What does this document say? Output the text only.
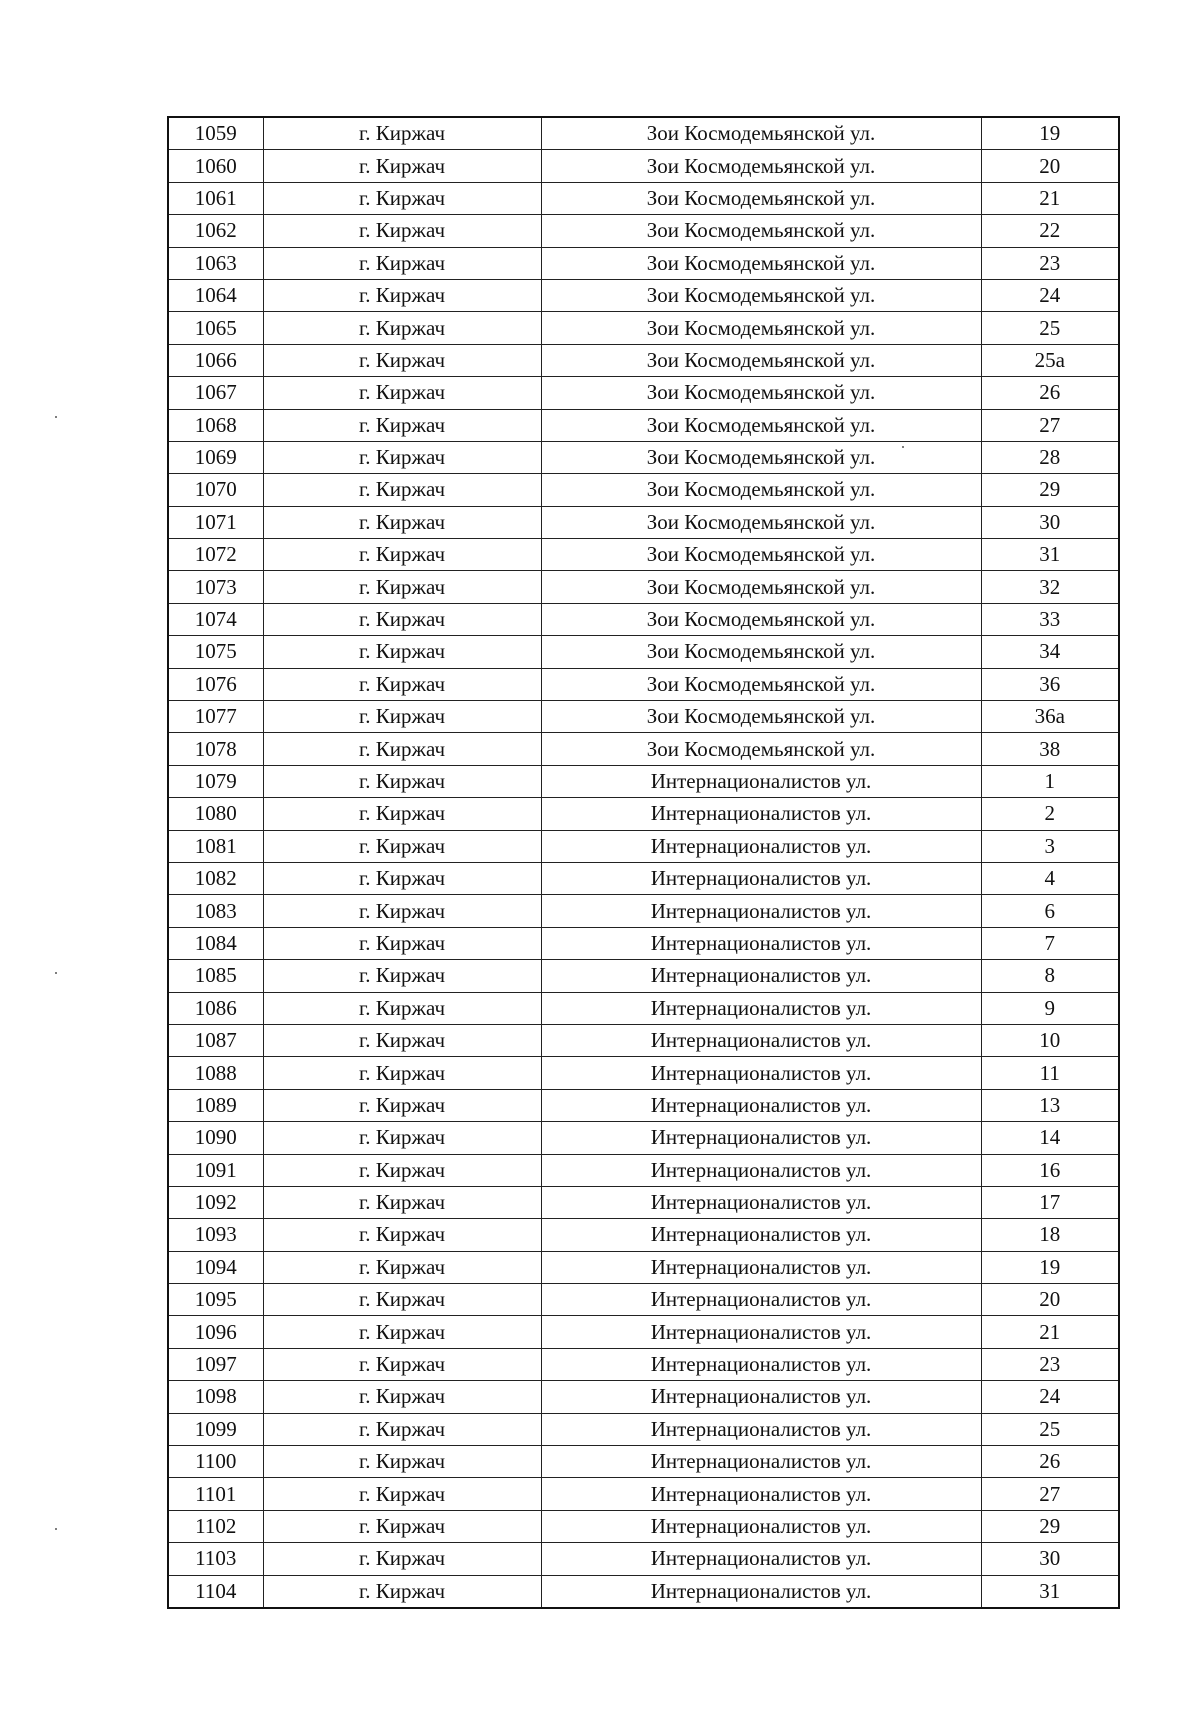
1059	г. Киржач	Зои Космодемьянской ул.	19
1060	г. Киржач	Зои Космодемьянской ул.	20
1061	г. Киржач	Зои Космодемьянской ул.	21
1062	г. Киржач	Зои Космодемьянской ул.	22
1063	г. Киржач	Зои Космодемьянской ул.	23
1064	г. Киржач	Зои Космодемьянской ул.	24
1065	г. Киржач	Зои Космодемьянской ул.	25
1066	г. Киржач	Зои Космодемьянской ул.	25а
1067	г. Киржач	Зои Космодемьянской ул.	26
1068	г. Киржач	Зои Космодемьянской ул.	27
1069	г. Киржач	Зои Космодемьянской ул.	28
1070	г. Киржач	Зои Космодемьянской ул.	29
1071	г. Киржач	Зои Космодемьянской ул.	30
1072	г. Киржач	Зои Космодемьянской ул.	31
1073	г. Киржач	Зои Космодемьянской ул.	32
1074	г. Киржач	Зои Космодемьянской ул.	33
1075	г. Киржач	Зои Космодемьянской ул.	34
1076	г. Киржач	Зои Космодемьянской ул.	36
1077	г. Киржач	Зои Космодемьянской ул.	36а
1078	г. Киржач	Зои Космодемьянской ул.	38
1079	г. Киржач	Интернационалистов ул.	1
1080	г. Киржач	Интернационалистов ул.	2
1081	г. Киржач	Интернационалистов ул.	3
1082	г. Киржач	Интернационалистов ул.	4
1083	г. Киржач	Интернационалистов ул.	6
1084	г. Киржач	Интернационалистов ул.	7
1085	г. Киржач	Интернационалистов ул.	8
1086	г. Киржач	Интернационалистов ул.	9
1087	г. Киржач	Интернационалистов ул.	10
1088	г. Киржач	Интернационалистов ул.	11
1089	г. Киржач	Интернационалистов ул.	13
1090	г. Киржач	Интернационалистов ул.	14
1091	г. Киржач	Интернационалистов ул.	16
1092	г. Киржач	Интернационалистов ул.	17
1093	г. Киржач	Интернационалистов ул.	18
1094	г. Киржач	Интернационалистов ул.	19
1095	г. Киржач	Интернационалистов ул.	20
1096	г. Киржач	Интернационалистов ул.	21
1097	г. Киржач	Интернационалистов ул.	23
1098	г. Киржач	Интернационалистов ул.	24
1099	г. Киржач	Интернационалистов ул.	25
1100	г. Киржач	Интернационалистов ул.	26
1101	г. Киржач	Интернационалистов ул.	27
1102	г. Киржач	Интернационалистов ул.	29
1103	г. Киржач	Интернационалистов ул.	30
1104	г. Киржач	Интернационалистов ул.	31
